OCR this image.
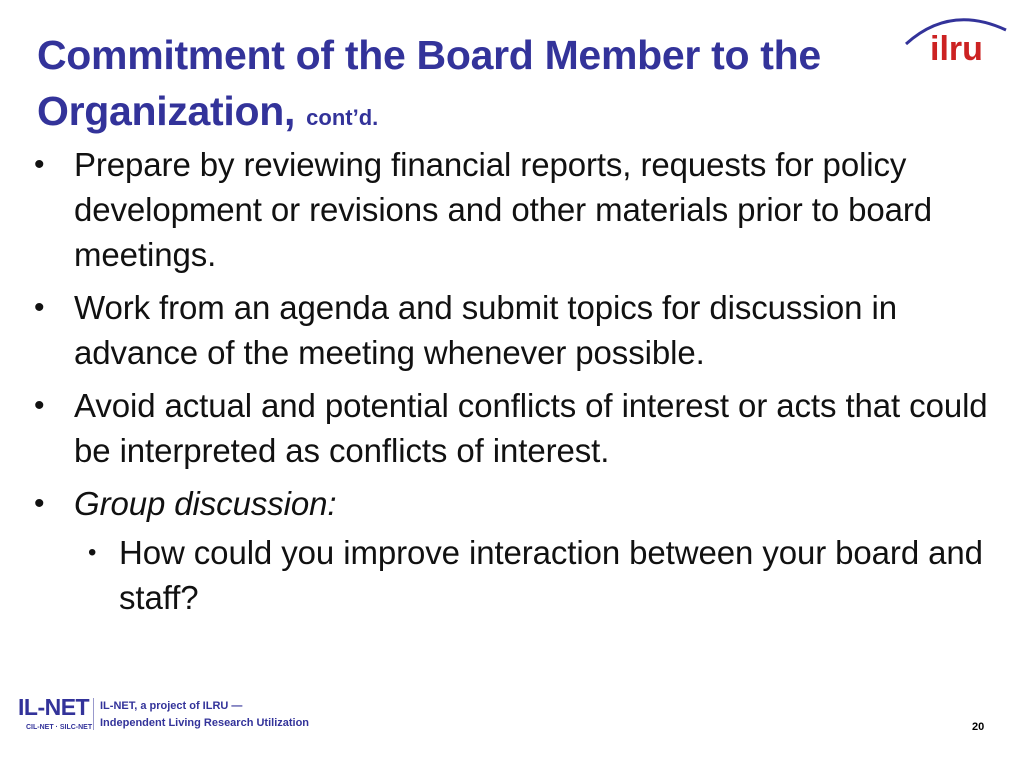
Commitment of the Board Member to the Organization, cont’d.
ilru
• Prepare by reviewing financial reports, requests for policy development or revisions and other materials prior to board meetings.
• Work from an agenda and submit topics for discussion in advance of the meeting whenever possible.
• Avoid actual and potential conflicts of interest or acts that could be interpreted as conflicts of interest.
• Group discussion:
• How could you improve interaction between your board and staff?
IL-NET
CIL-NET · SILC-NET
IL-NET, a project of ILRU —
Independent Living Research Utilization	20
